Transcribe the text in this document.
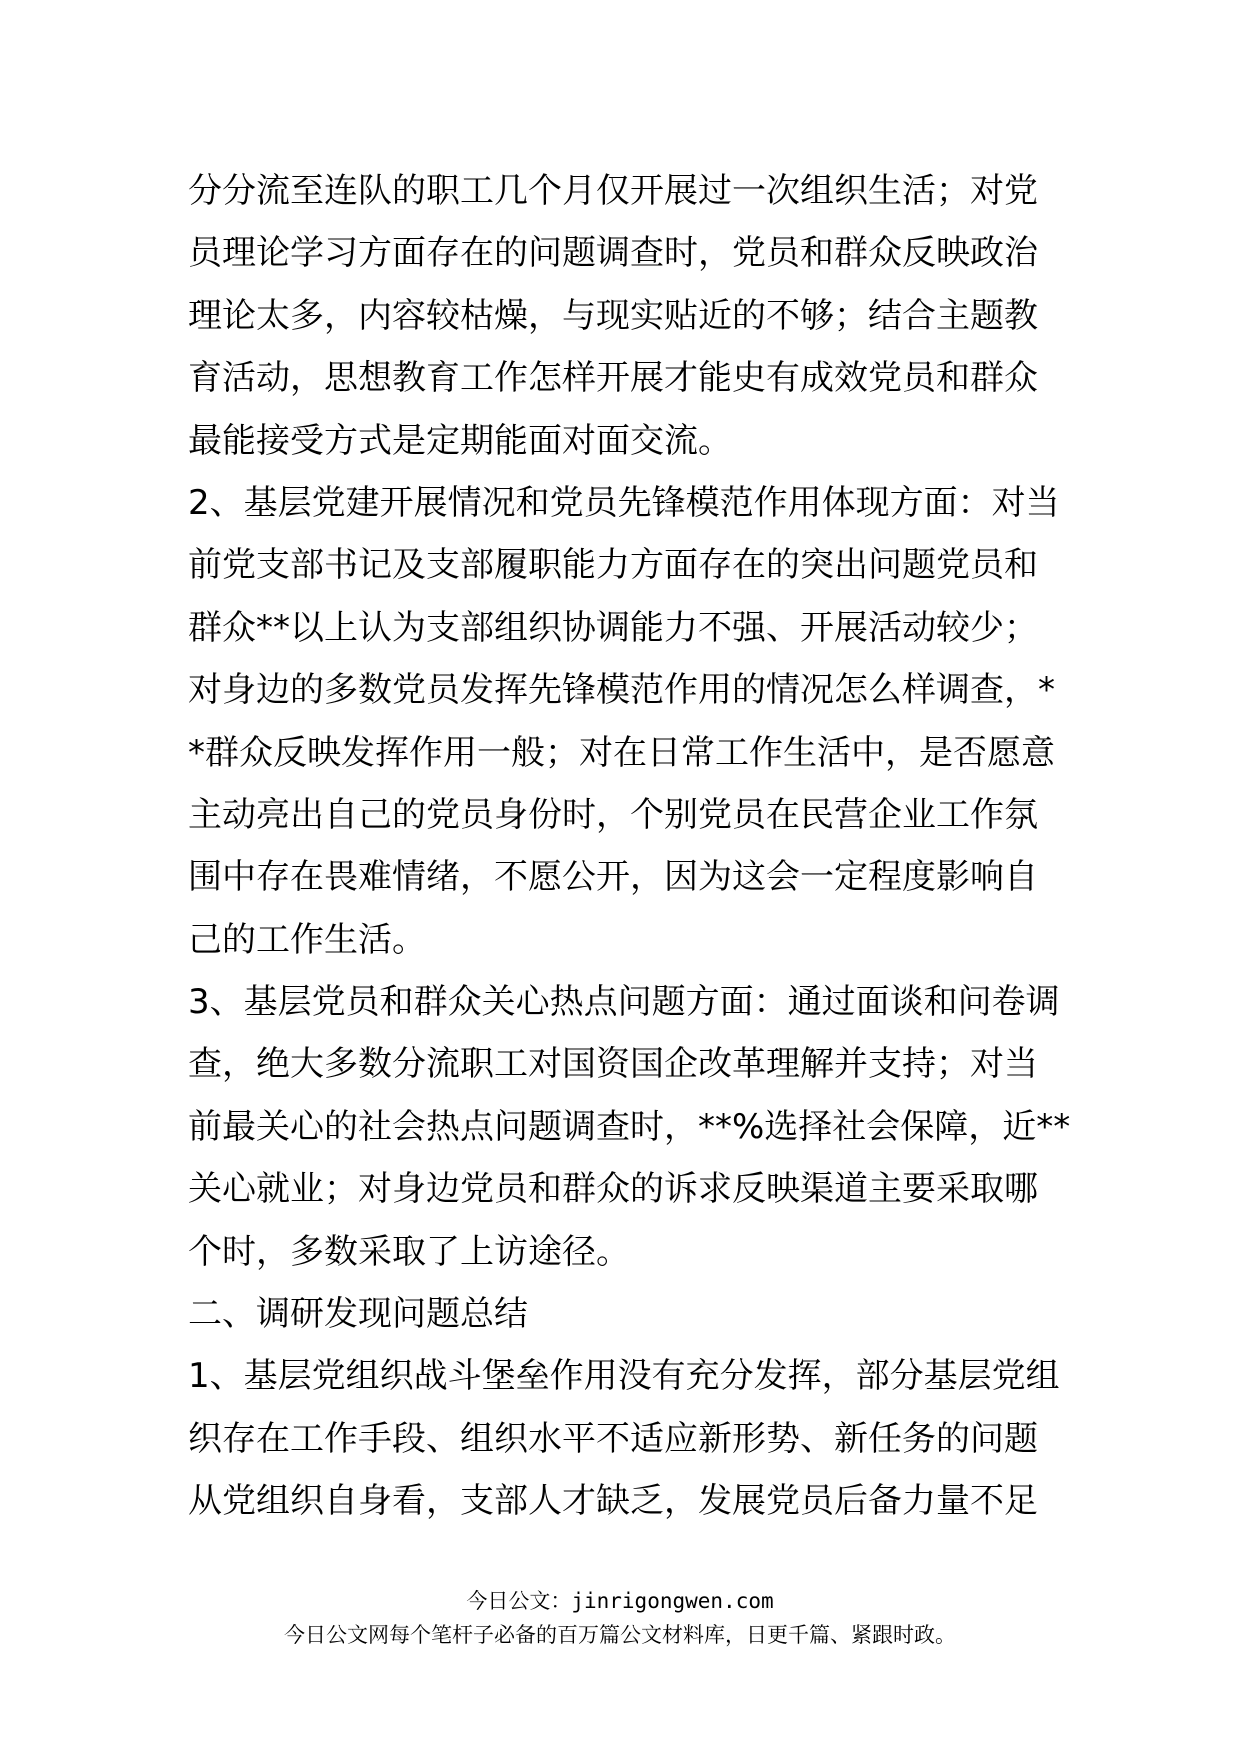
分分流至连队的职工几个月仅开展过一次组织生活；对党
员理论学习方面存在的问题调查时，党员和群众反映政治
理论太多，内容较枯燥，与现实贴近的不够；结合主题教
育活动，思想教育工作怎样开展才能史有成效党员和群众
最能接受方式是定期能面对面交流。
2、基层党建开展情况和党员先锋模范作用体现方面：对当
前党支部书记及支部履职能力方面存在的突出问题党员和
群众**以上认为支部组织协调能力不强、开展活动较少；
对身边的多数党员发挥先锋模范作用的情况怎么样调查，*
*群众反映发挥作用一般；对在日常工作生活中，是否愿意
主动亮出自己的党员身份时，个别党员在民营企业工作氛
围中存在畏难情绪，不愿公开，因为这会一定程度影响自
己的工作生活。
3、基层党员和群众关心热点问题方面：通过面谈和问卷调
查，绝大多数分流职工对国资国企改革理解并支持；对当
前最关心的社会热点问题调查时，**%选择社会保障，近**
关心就业；对身边党员和群众的诉求反映渠道主要采取哪
个时，多数采取了上访途径。
二、调研发现问题总结
1、基层党组织战斗堡垒作用没有充分发挥，部分基层党组
织存在工作手段、组织水平不适应新形势、新任务的问题
从党组织自身看，支部人才缺乏，发展党员后备力量不足
今日公文：jinrigongwen.com
今日公文网每个笔杆子必备的百万篇公文材料库，日更千篇、紧跟时政。
